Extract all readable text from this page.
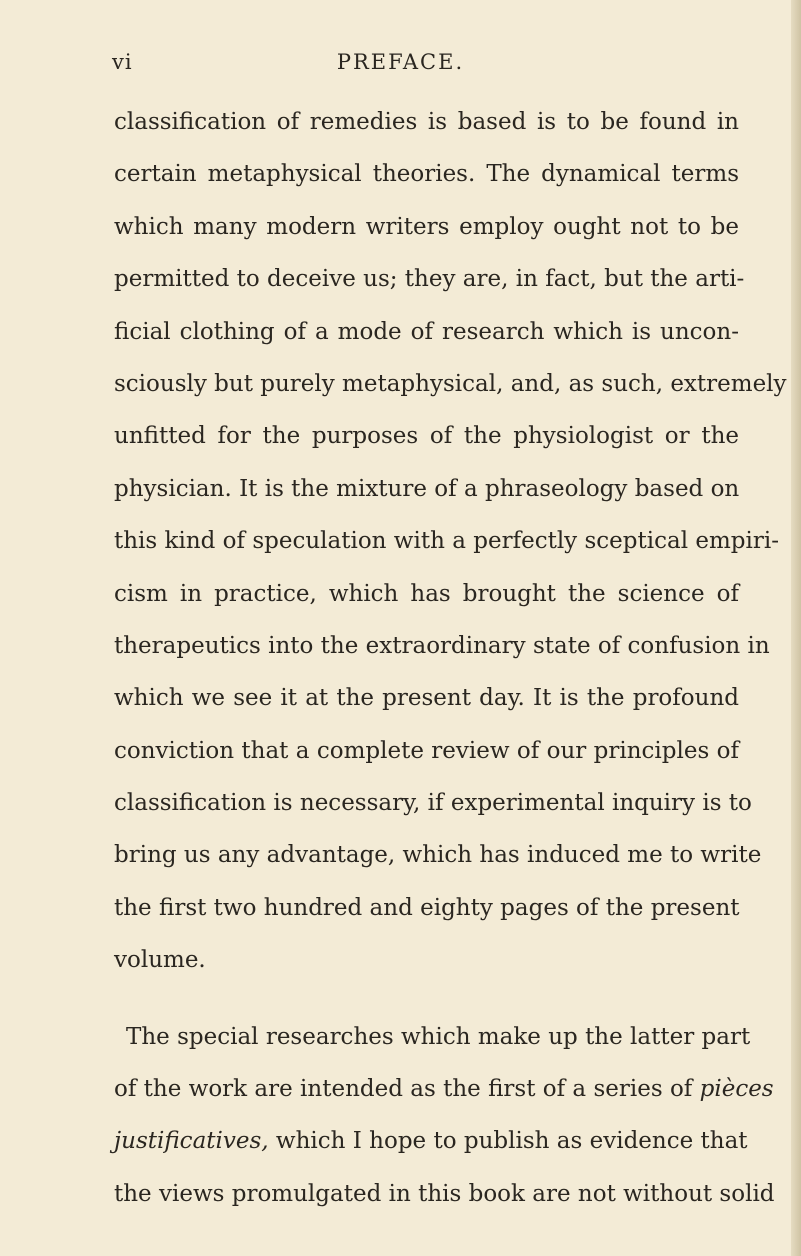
vi	PREFACE.
classification of remedies is based is to be found in
certain metaphysical theories. The dynamical terms
which many modern writers employ ought not to be
permitted to deceive us; they are, in fact, but the arti-
ficial clothing of a mode of research which is uncon-
sciously but purely metaphysical, and, as such, extremely
unfitted for the purposes of the physiologist or the
physician. It is the mixture of a phraseology based on
this kind of speculation with a perfectly sceptical empiri-
cism in practice, which has brought the science of
therapeutics into the extraordinary state of confusion in
which we see it at the present day. It is the profound
conviction that a complete review of our principles of
classification is necessary, if experimental inquiry is to
bring us any advantage, which has induced me to write
the first two hundred and eighty pages of the present
volume.
The special researches which make up the latter part
of the work are intended as the first of a series of pièces
justificatives, which I hope to publish as evidence that
the views promulgated in this book are not without solid
